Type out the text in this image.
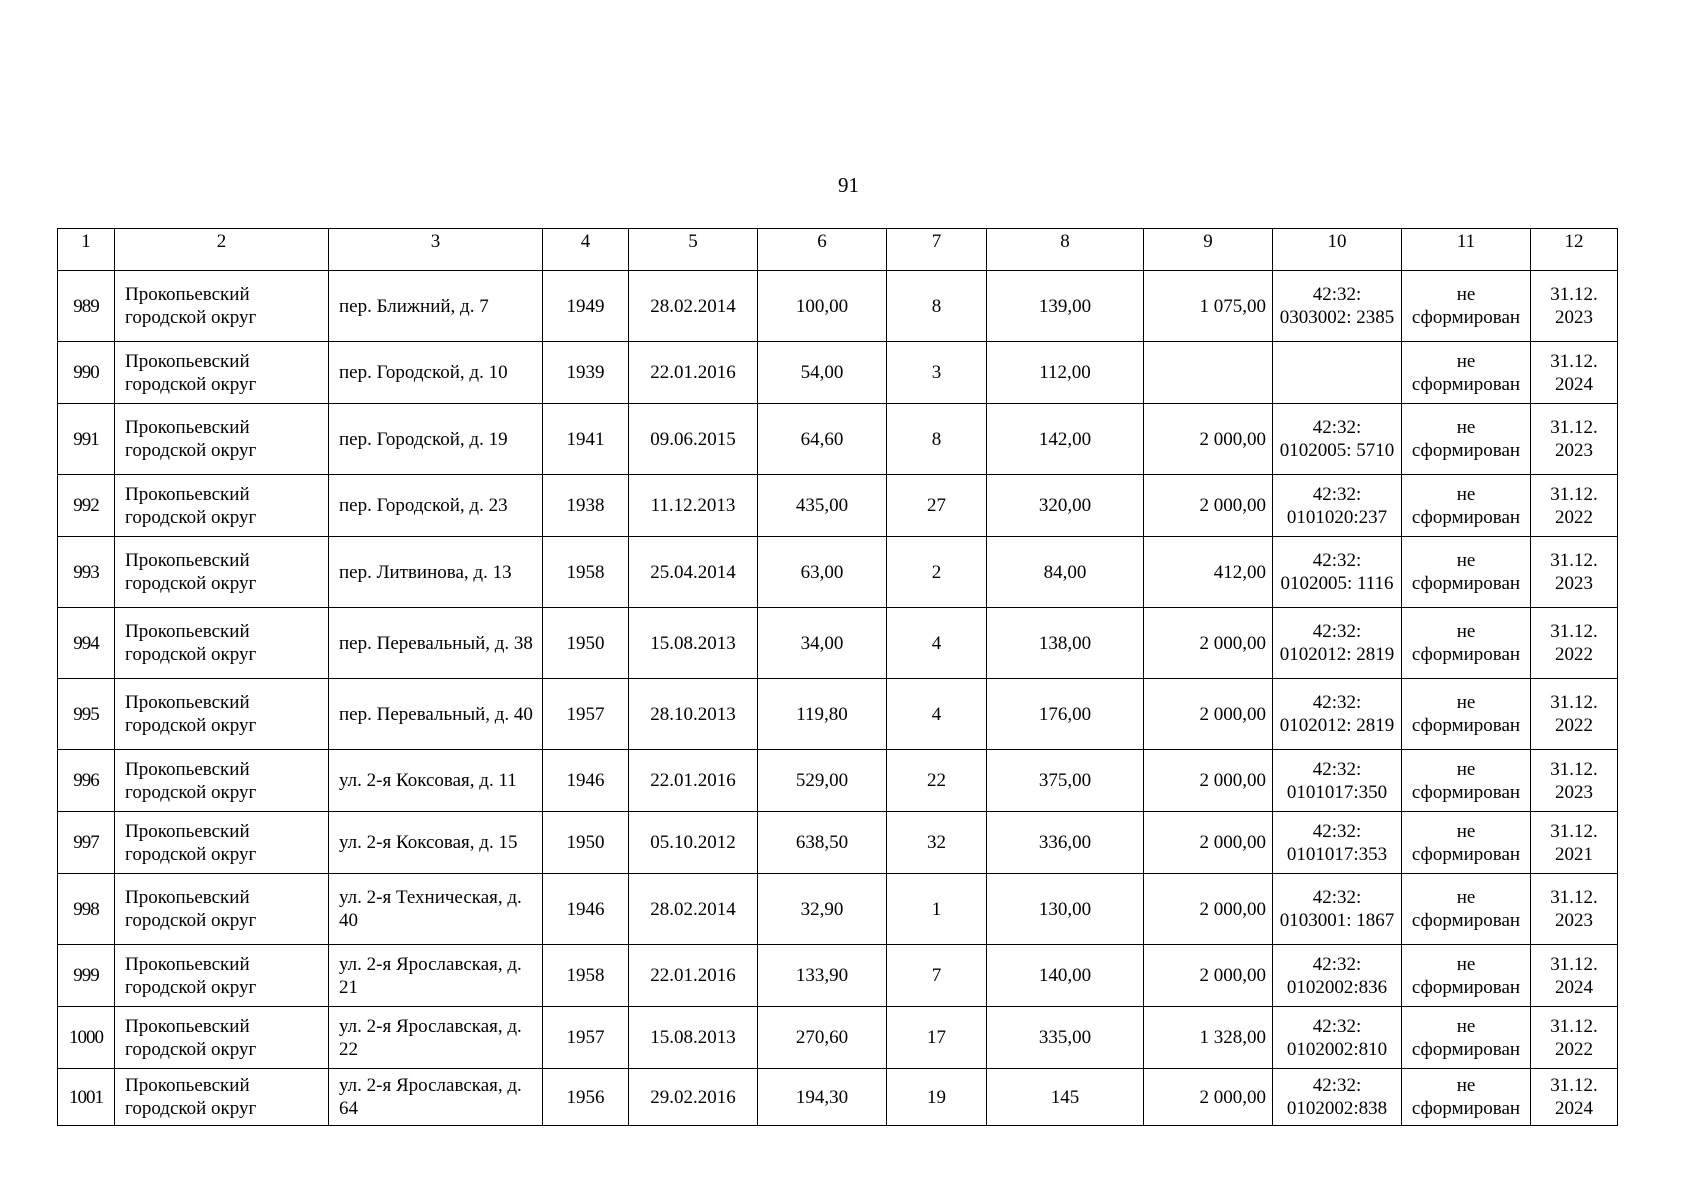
91
1	2	3	4	5	6	7	8	9	10	11	12
989	Прокопьевский городской округ	пер. Ближний, д. 7	1949	28.02.2014	100,00	8	139,00	1 075,00	42:32: 0303002: 2385	не сформирован	31.12. 2023
990	Прокопьевский городской округ	пер. Городской, д. 10	1939	22.01.2016	54,00	3	112,00			не сформирован	31.12. 2024
991	Прокопьевский городской округ	пер. Городской, д. 19	1941	09.06.2015	64,60	8	142,00	2 000,00	42:32: 0102005: 5710	не сформирован	31.12. 2023
992	Прокопьевский городской округ	пер. Городской, д. 23	1938	11.12.2013	435,00	27	320,00	2 000,00	42:32: 0101020:237	не сформирован	31.12. 2022
993	Прокопьевский городской округ	пер. Литвинова, д. 13	1958	25.04.2014	63,00	2	84,00	412,00	42:32: 0102005: 1116	не сформирован	31.12. 2023
994	Прокопьевский городской округ	пер. Перевальный, д. 38	1950	15.08.2013	34,00	4	138,00	2 000,00	42:32: 0102012: 2819	не сформирован	31.12. 2022
995	Прокопьевский городской округ	пер. Перевальный, д. 40	1957	28.10.2013	119,80	4	176,00	2 000,00	42:32: 0102012: 2819	не сформирован	31.12. 2022
996	Прокопьевский городской округ	ул. 2-я Коксовая, д. 11	1946	22.01.2016	529,00	22	375,00	2 000,00	42:32: 0101017:350	не сформирован	31.12. 2023
997	Прокопьевский городской округ	ул. 2-я Коксовая, д. 15	1950	05.10.2012	638,50	32	336,00	2 000,00	42:32: 0101017:353	не сформирован	31.12. 2021
998	Прокопьевский городской округ	ул. 2-я Техническая, д. 40	1946	28.02.2014	32,90	1	130,00	2 000,00	42:32: 0103001: 1867	не сформирован	31.12. 2023
999	Прокопьевский городской округ	ул. 2-я Ярославская, д. 21	1958	22.01.2016	133,90	7	140,00	2 000,00	42:32: 0102002:836	не сформирован	31.12. 2024
1000	Прокопьевский городской округ	ул. 2-я Ярославская, д. 22	1957	15.08.2013	270,60	17	335,00	1 328,00	42:32: 0102002:810	не сформирован	31.12. 2022
1001	Прокопьевский городской округ	ул. 2-я Ярославская, д. 64	1956	29.02.2016	194,30	19	145	2 000,00	42:32: 0102002:838	не сформирован	31.12. 2024
